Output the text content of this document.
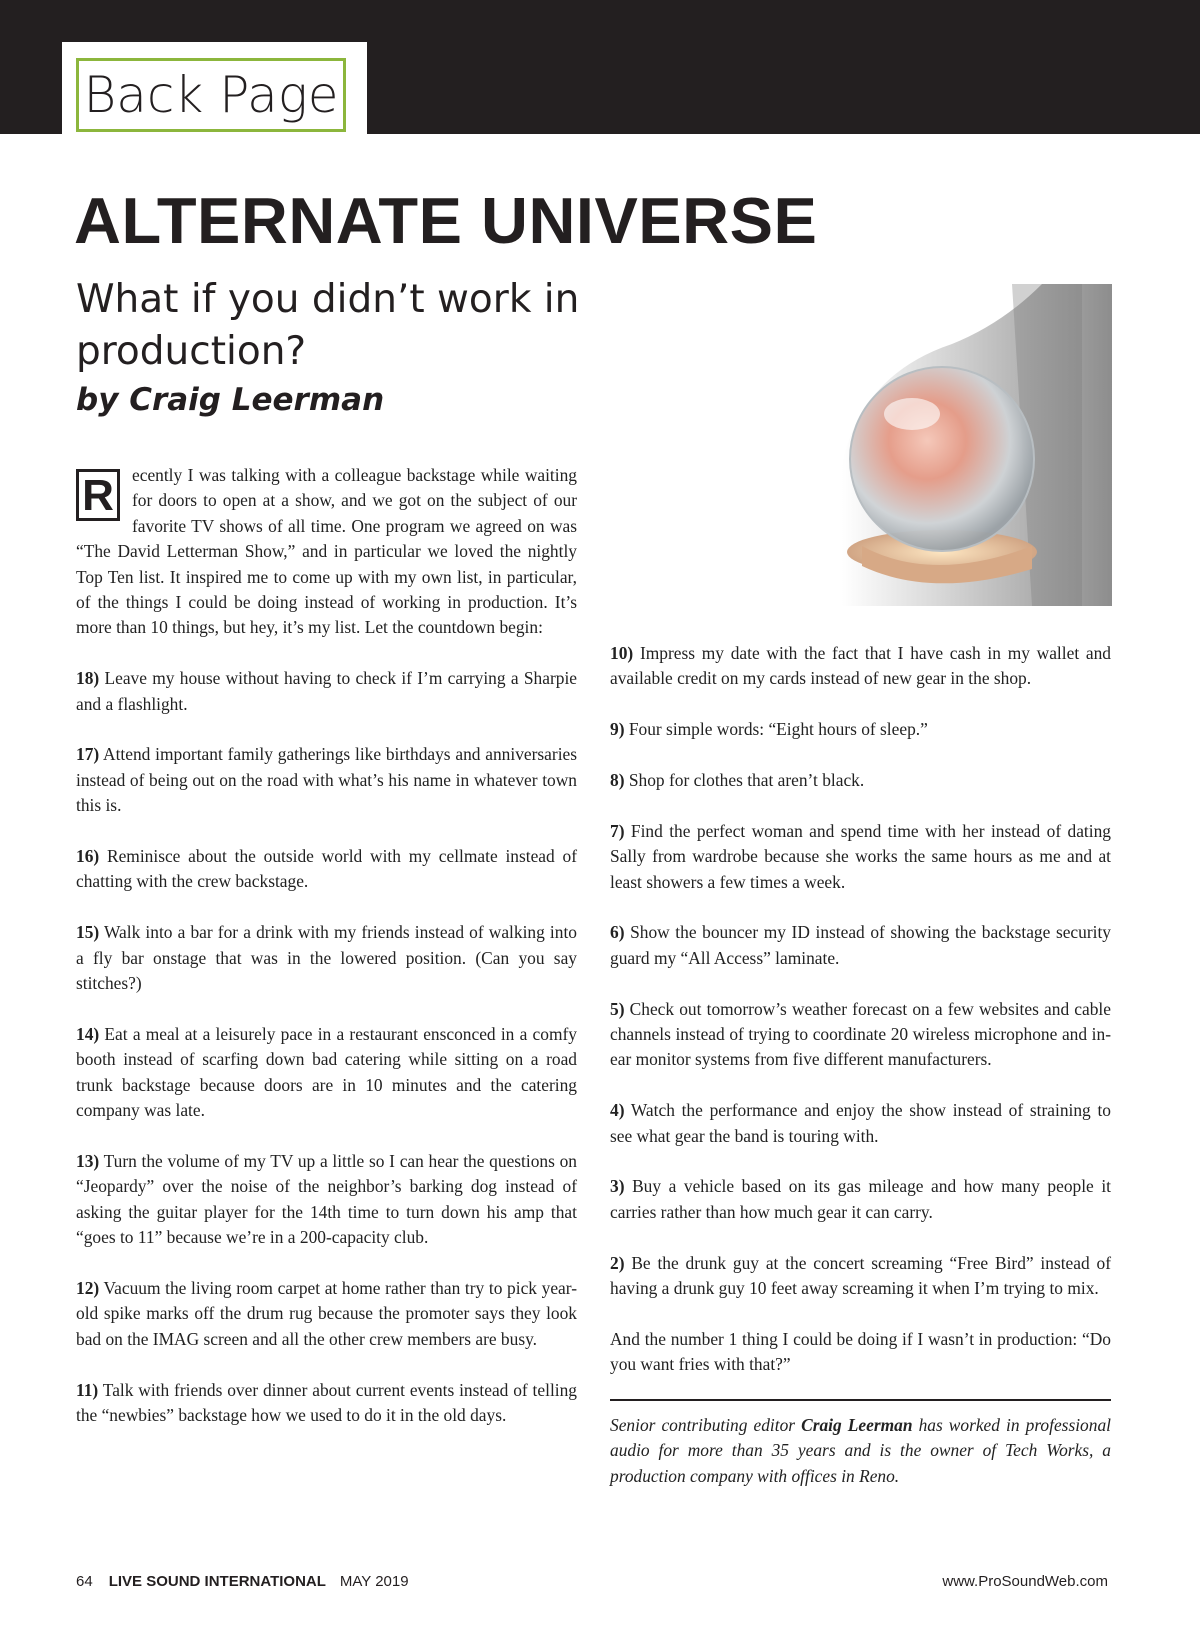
Back Page
ALTERNATE UNIVERSE

What if you didn’t work in production?

by Craig Leerman

R	ecently I was talking with a colleague backstage while waiting for doors to open at a show, and we got on the subject of our favorite TV shows of all time. One program we agreed on was “The David Letterman Show,” and in particular we loved the nightly Top Ten list. It inspired me to come up with my own list, in particular, of the things I could be doing instead of working in production. It’s more than 10 things, but hey, it’s my list. Let the countdown begin:

18) Leave my house without having to check if I’m carrying a Sharpie and a flashlight.

17) Attend important family gatherings like birthdays and anniversaries instead of being out on the road with what’s his name in whatever town this is.

16) Reminisce about the outside world with my cellmate instead of chatting with the crew backstage.

15) Walk into a bar for a drink with my friends instead of walking into a fly bar onstage that was in the lowered position. (Can you say stitches?)

14) Eat a meal at a leisurely pace in a restaurant ensconced in a comfy booth instead of scarfing down bad catering while sitting on a road trunk backstage because doors are in 10 minutes and the catering company was late.

13) Turn the volume of my TV up a little so I can hear the questions on “Jeopardy” over the noise of the neighbor’s barking dog instead of asking the guitar player for the 14th time to turn down his amp that “goes to 11” because we’re in a 200-capacity club.

12) Vacuum the living room carpet at home rather than try to pick year-old spike marks off the drum rug because the promoter says they look bad on the IMAG screen and all the other crew members are busy.

11) Talk with friends over dinner about current events instead of telling the “newbies” backstage how we used to do it in the old days.

10) Impress my date with the fact that I have cash in my wallet and available credit on my cards instead of new gear in the shop.

9) Four simple words: “Eight hours of sleep.”

8) Shop for clothes that aren’t black.

7) Find the perfect woman and spend time with her instead of dating Sally from wardrobe because she works the same hours as me and at least showers a few times a week.

6) Show the bouncer my ID instead of showing the backstage security guard my “All Access” laminate.

5) Check out tomorrow’s weather forecast on a few websites and cable channels instead of trying to coordinate 20 wireless microphone and in-ear monitor systems from five different manufacturers.

4) Watch the performance and enjoy the show instead of straining to see what gear the band is touring with.

3) Buy a vehicle based on its gas mileage and how many people it carries rather than how much gear it can carry.

2) Be the drunk guy at the concert screaming “Free Bird” instead of having a drunk guy 10 feet away screaming it when I’m trying to mix.

And the number 1 thing I could be doing if I wasn’t in production: “Do you want fries with that?”

Senior contributing editor Craig Leerman has worked in professional audio for more than 35 years and is the owner of Tech Works, a production company with offices in Reno.

64 LIVE SOUND INTERNATIONAL MAY 2019	www.ProSoundWeb.com
